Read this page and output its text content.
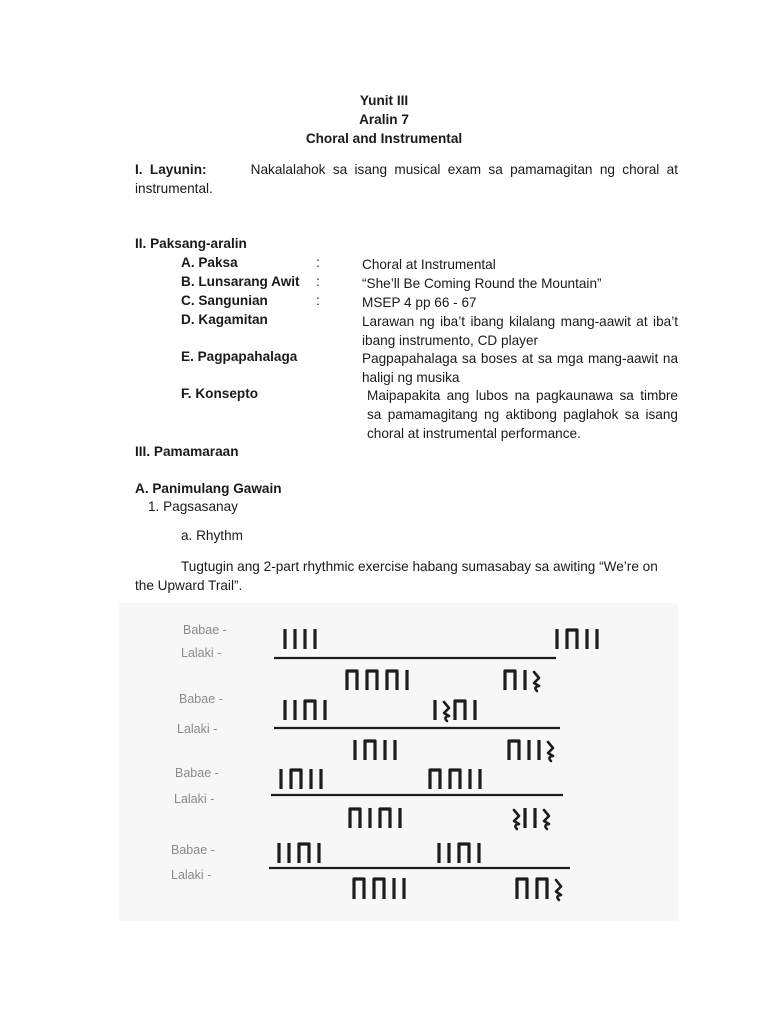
Yunit III
Aralin 7
Choral and Instrumental
I. Layunin:	Nakalalahok sa isang musical exam sa pamamagitan ng choral at instrumental.
II. Paksang-aralin
A. Paksa	:	Choral at Instrumental
B. Lunsarang Awit :	“She’ll Be Coming Round the Mountain”
C. Sangunian	:	MSEP 4 pp 66 - 67
D. Kagamitan	Larawan ng iba’t ibang kilalang mang-aawit at iba’t ibang instrumento, CD player
E. Pagpapahalaga	Pagpapahalaga sa boses at sa mga mang-aawit na haligi ng musika
F. Konsepto	Maipapakita ang lubos na pagkaunawa sa timbre sa pamamagitang ng aktibong paglahok sa isang choral at instrumental performance.
III. Pamamaraan
A. Panimulang Gawain
1. Pagsasanay
a. Rhythm
Tugtugin ang 2-part rhythmic exercise habang sumasabay sa awiting “We’re on the Upward Trail”.
Babae -
Lalaki -
Babae -
Lalaki -
Babae -
Lalaki -
Babae -
Lalaki -
